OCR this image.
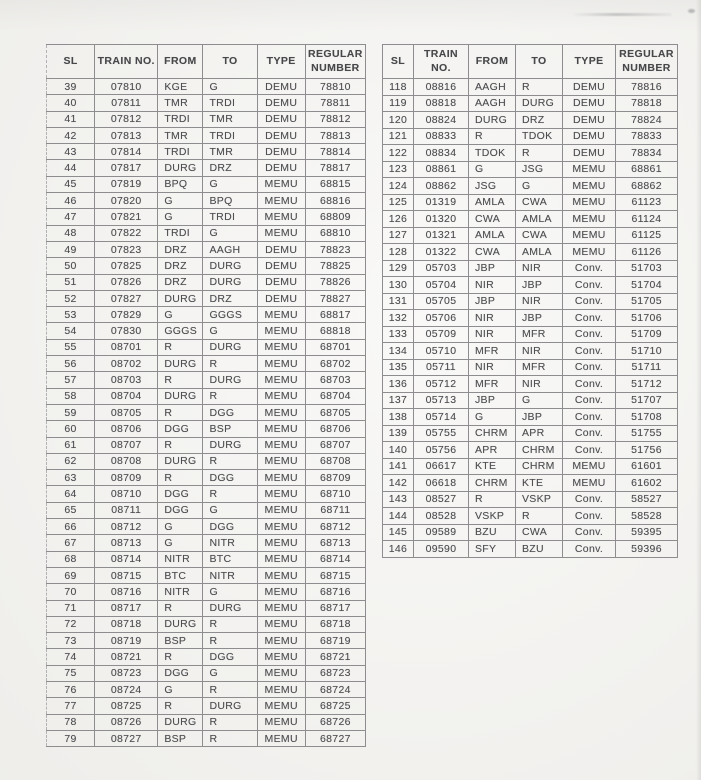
SL	TRAIN NO.	FROM	TO	TYPE	REGULAR NUMBER
39	07810	KGE	G	DEMU	78810
40	07811	TMR	TRDI	DEMU	78811
41	07812	TRDI	TMR	DEMU	78812
42	07813	TMR	TRDI	DEMU	78813
43	07814	TRDI	TMR	DEMU	78814
44	07817	DURG	DRZ	DEMU	78817
45	07819	BPQ	G	MEMU	68815
46	07820	G	BPQ	MEMU	68816
47	07821	G	TRDI	MEMU	68809
48	07822	TRDI	G	MEMU	68810
49	07823	DRZ	AAGH	DEMU	78823
50	07825	DRZ	DURG	DEMU	78825
51	07826	DRZ	DURG	DEMU	78826
52	07827	DURG	DRZ	DEMU	78827
53	07829	G	GGGS	MEMU	68817
54	07830	GGGS	G	MEMU	68818
55	08701	R	DURG	MEMU	68701
56	08702	DURG	R	MEMU	68702
57	08703	R	DURG	MEMU	68703
58	08704	DURG	R	MEMU	68704
59	08705	R	DGG	MEMU	68705
60	08706	DGG	BSP	MEMU	68706
61	08707	R	DURG	MEMU	68707
62	08708	DURG	R	MEMU	68708
63	08709	R	DGG	MEMU	68709
64	08710	DGG	R	MEMU	68710
65	08711	DGG	G	MEMU	68711
66	08712	G	DGG	MEMU	68712
67	08713	G	NITR	MEMU	68713
68	08714	NITR	BTC	MEMU	68714
69	08715	BTC	NITR	MEMU	68715
70	08716	NITR	G	MEMU	68716
71	08717	R	DURG	MEMU	68717
72	08718	DURG	R	MEMU	68718
73	08719	BSP	R	MEMU	68719
74	08721	R	DGG	MEMU	68721
75	08723	DGG	G	MEMU	68723
76	08724	G	R	MEMU	68724
77	08725	R	DURG	MEMU	68725
78	08726	DURG	R	MEMU	68726
79	08727	BSP	R	MEMU	68727
SL	TRAIN NO.	FROM	TO	TYPE	REGULAR NUMBER
118	08816	AAGH	R	DEMU	78816
119	08818	AAGH	DURG	DEMU	78818
120	08824	DURG	DRZ	DEMU	78824
121	08833	R	TDOK	DEMU	78833
122	08834	TDOK	R	DEMU	78834
123	08861	G	JSG	MEMU	68861
124	08862	JSG	G	MEMU	68862
125	01319	AMLA	CWA	MEMU	61123
126	01320	CWA	AMLA	MEMU	61124
127	01321	AMLA	CWA	MEMU	61125
128	01322	CWA	AMLA	MEMU	61126
129	05703	JBP	NIR	Conv.	51703
130	05704	NIR	JBP	Conv.	51704
131	05705	JBP	NIR	Conv.	51705
132	05706	NIR	JBP	Conv.	51706
133	05709	NIR	MFR	Conv.	51709
134	05710	MFR	NIR	Conv.	51710
135	05711	NIR	MFR	Conv.	51711
136	05712	MFR	NIR	Conv.	51712
137	05713	JBP	G	Conv.	51707
138	05714	G	JBP	Conv.	51708
139	05755	CHRM	APR	Conv.	51755
140	05756	APR	CHRM	Conv.	51756
141	06617	KTE	CHRM	MEMU	61601
142	06618	CHRM	KTE	MEMU	61602
143	08527	R	VSKP	Conv.	58527
144	08528	VSKP	R	Conv.	58528
145	09589	BZU	CWA	Conv.	59395
146	09590	SFY	BZU	Conv.	59396
